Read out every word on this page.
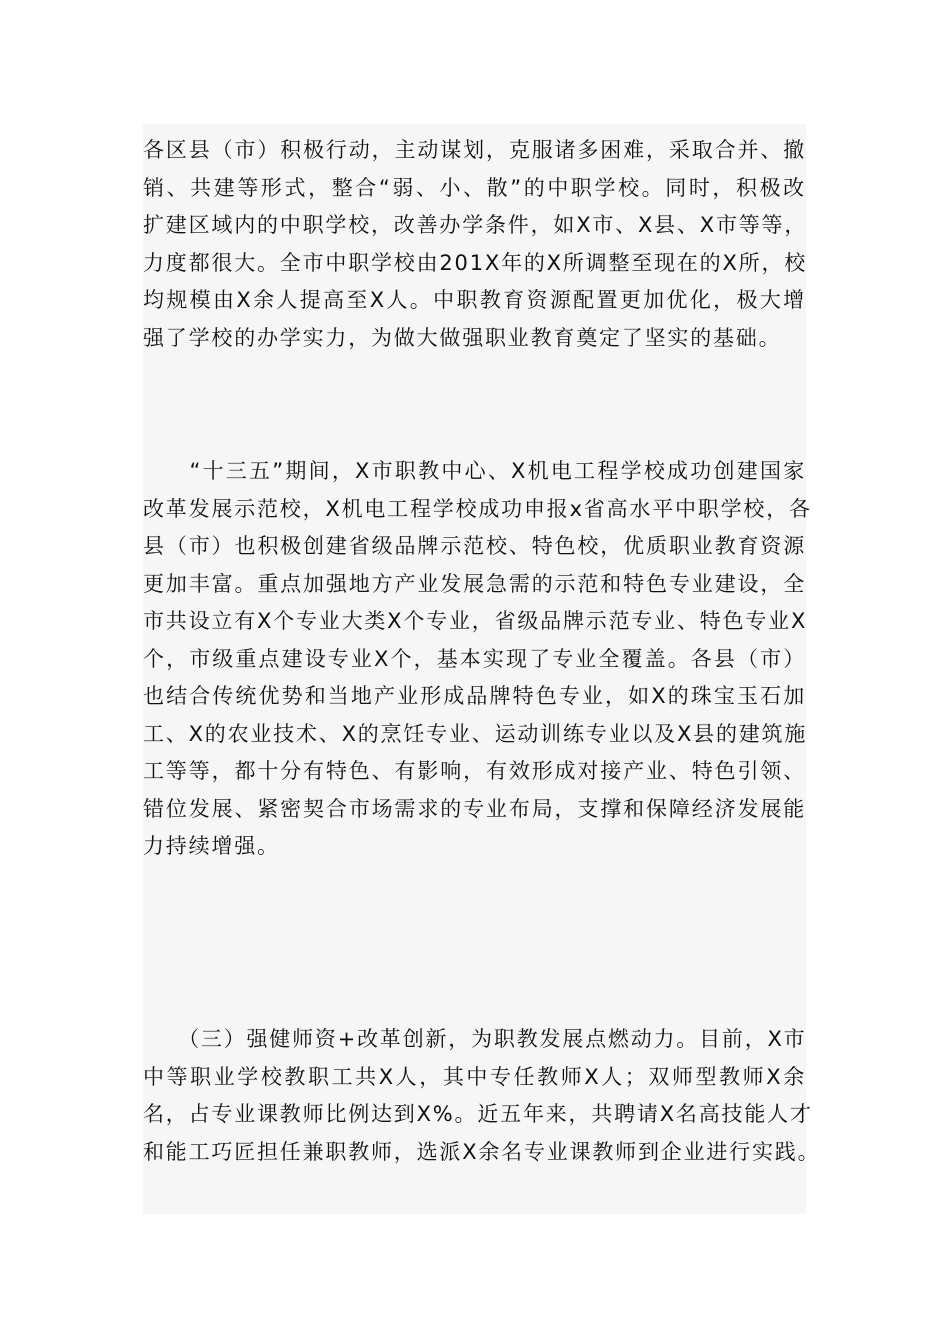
各区县（市）积极行动，主动谋划，克服诸多困难，采取合并、撤
销、共建等形式，整合“弱、小、散”的中职学校。同时，积极改
扩建区域内的中职学校，改善办学条件，如X市、X县、X市等等，
力度都很大。全市中职学校由201X年的X所调整至现在的X所，校
均规模由X余人提高至X人。中职教育资源配置更加优化，极大增
强了学校的办学实力，为做大做强职业教育奠定了坚实的基础。
　　“十三五”期间，X市职教中心、X机电工程学校成功创建国家
改革发展示范校，X机电工程学校成功申报x省高水平中职学校，各
县（市）也积极创建省级品牌示范校、特色校，优质职业教育资源
更加丰富。重点加强地方产业发展急需的示范和特色专业建设，全
市共设立有X个专业大类X个专业，省级品牌示范专业、特色专业X
个，市级重点建设专业X个，基本实现了专业全覆盖。各县（市）
也结合传统优势和当地产业形成品牌特色专业，如X的珠宝玉石加
工、X的农业技术、X的烹饪专业、运动训练专业以及X县的建筑施
工等等，都十分有特色、有影响，有效形成对接产业、特色引领、
错位发展、紧密契合市场需求的专业布局，支撑和保障经济发展能
力持续增强。
　　（三）强健师资+改革创新，为职教发展点燃动力。目前，X市
中等职业学校教职工共X人，其中专任教师X人；双师型教师X余
名，占专业课教师比例达到X%。近五年来，共聘请X名高技能人才
和能工巧匠担任兼职教师，选派X余名专业课教师到企业进行实践。
